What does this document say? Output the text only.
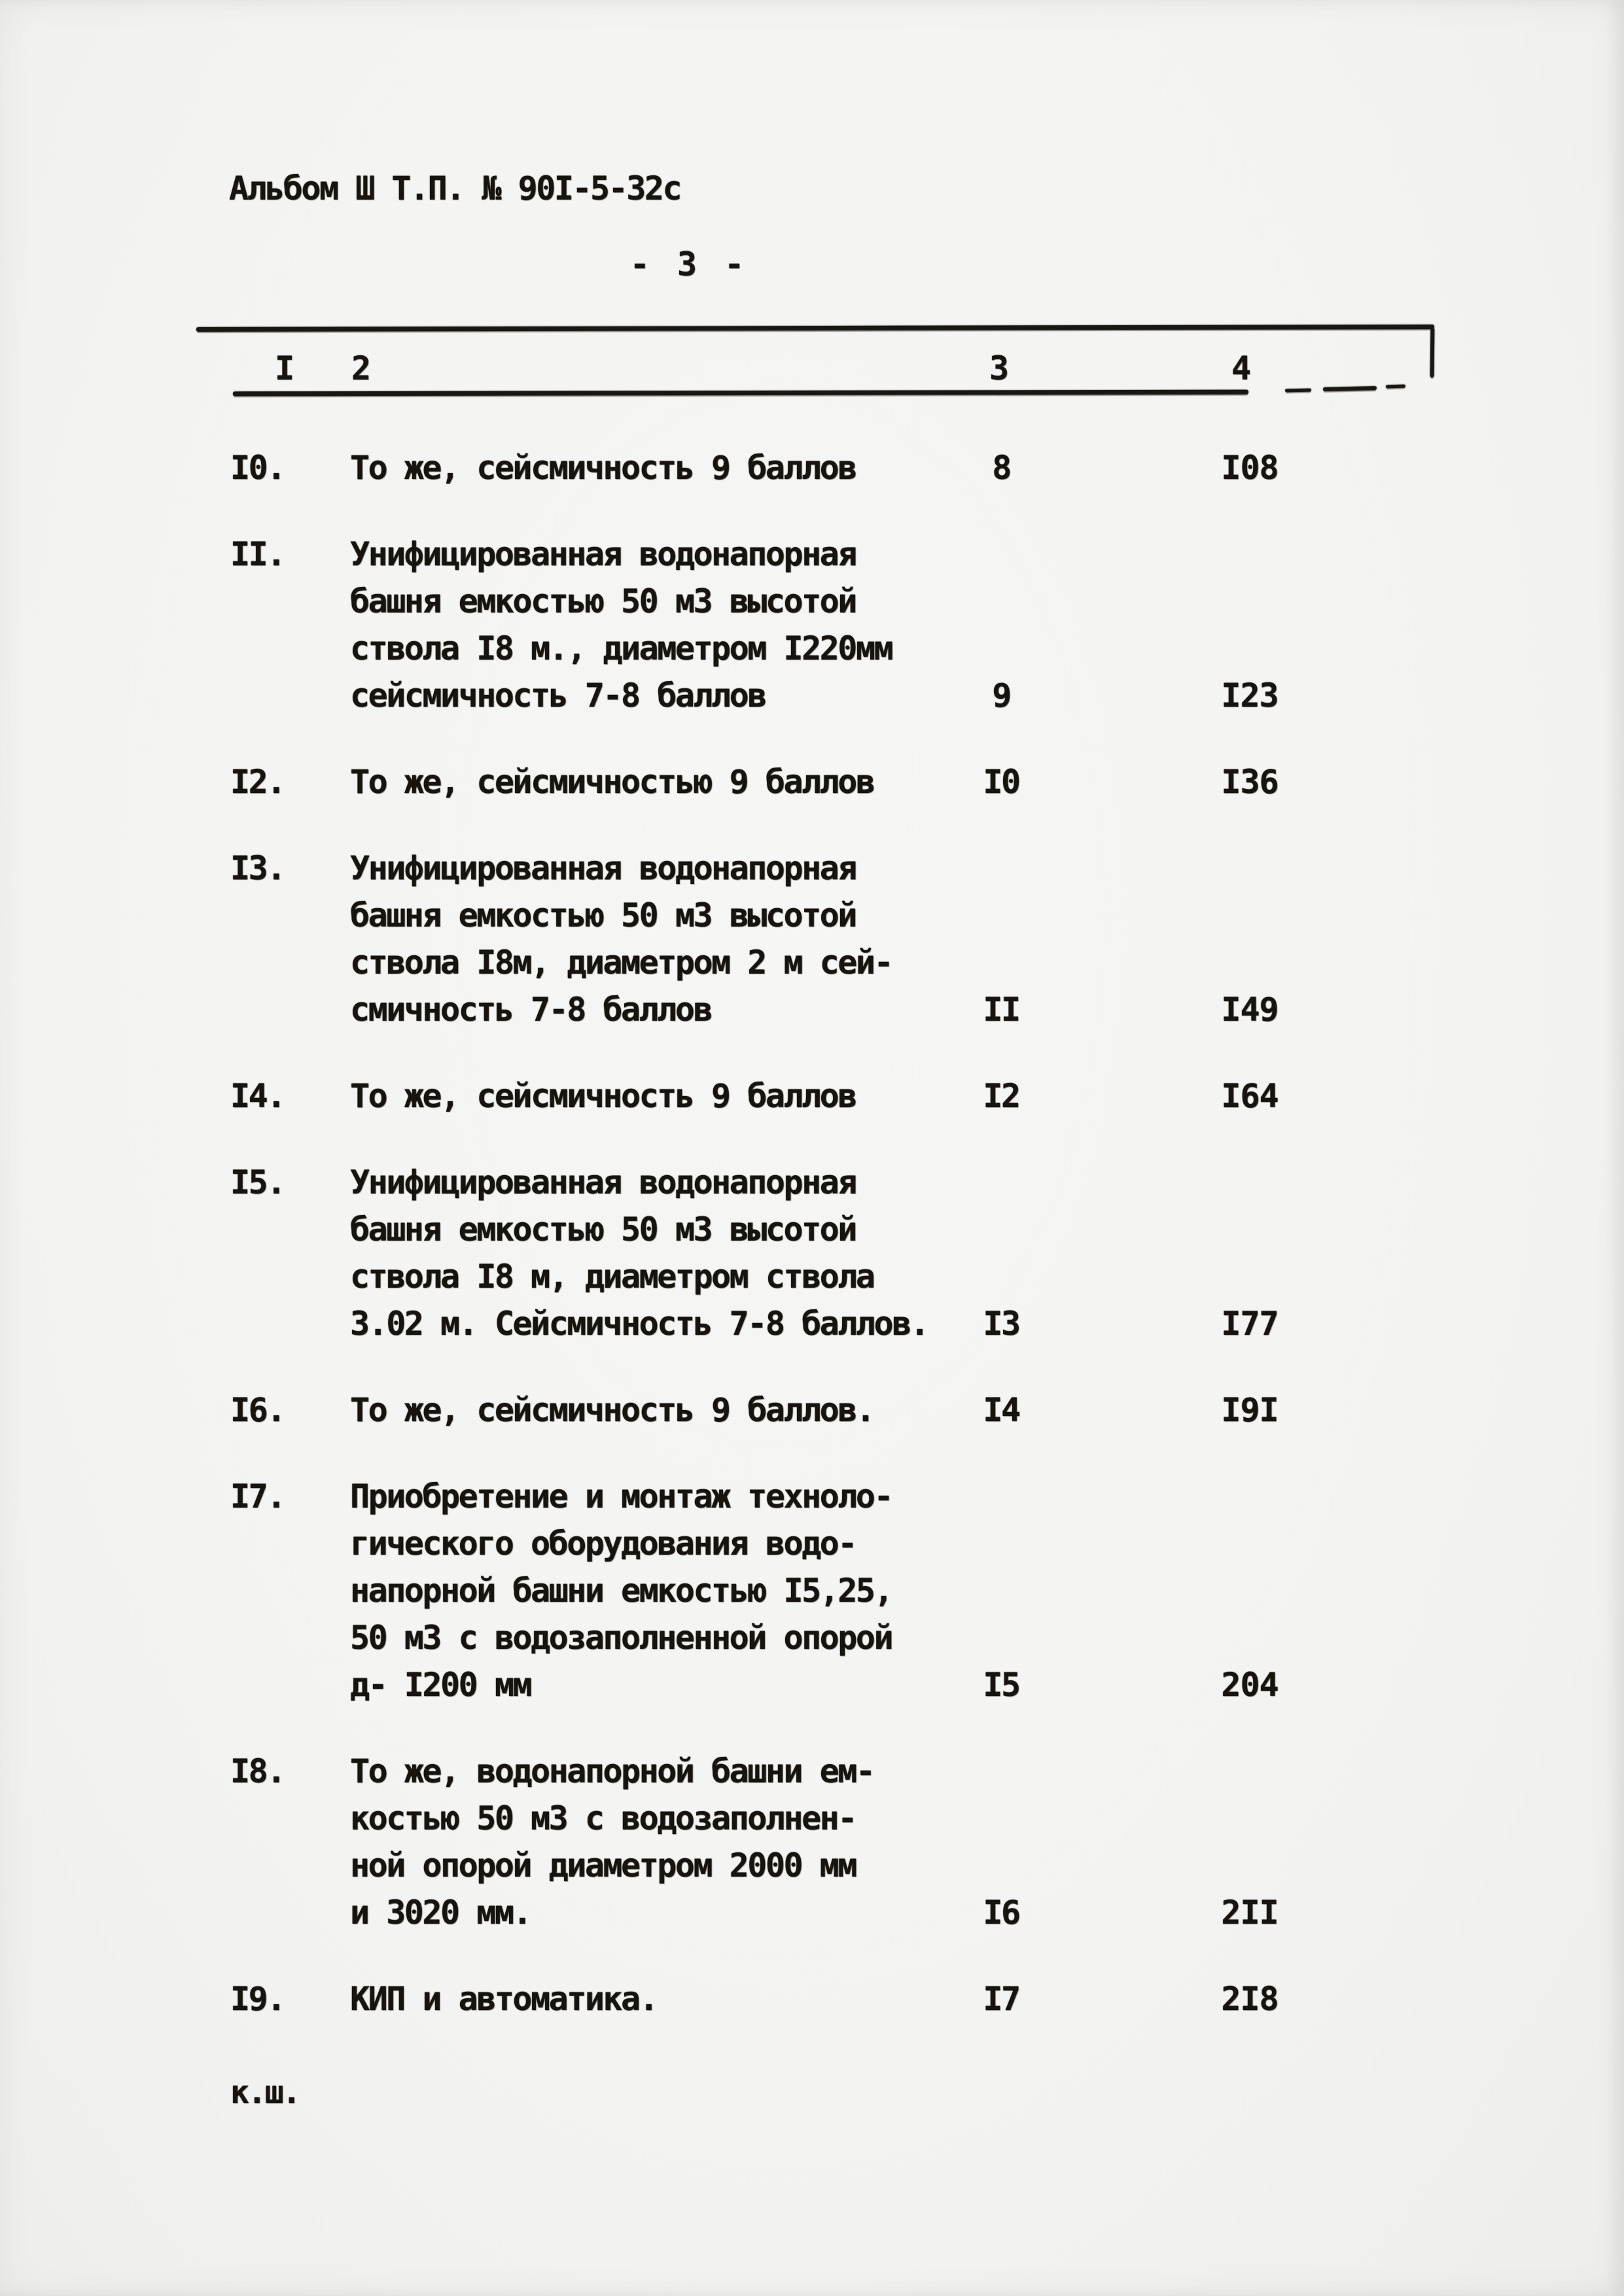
Альбом Ш Т.П. № 90I-5-32с
- 3 -
I 2	3	4
I0.	То же, сейсмичность 9 баллов	8	I08
II.	Унифицированная водонапорная
башня емкостью 50 м3 высотой
ствола I8 м., диаметром I220мм
сейсмичность 7-8 баллов	9	I23
I2.	То же, сейсмичностью 9 баллов	I0	I36
I3.	Унифицированная водонапорная
башня емкостью 50 м3 высотой
ствола I8м, диаметром 2 м сей-
смичность 7-8 баллов	II	I49
I4.	То же, сейсмичность 9 баллов	I2	I64
I5.	Унифицированная водонапорная
башня емкостью 50 м3 высотой
ствола I8 м, диаметром ствола
3.02 м. Сейсмичность 7-8 баллов.	I3	I77
I6.	То же, сейсмичность 9 баллов.	I4	I9I
I7.	Приобретение и монтаж техноло-
гического оборудования водо-
напорной башни емкостью I5,25,
50 м3 с водозаполненной опорой
д- I200 мм	I5	204
I8.	То же, водонапорной башни ем-
костью 50 м3 с водозаполнен-
ной опорой диаметром 2000 мм
и 3020 мм.	I6	2II
I9.	КИП и автоматика.	I7	2I8
к.ш.
